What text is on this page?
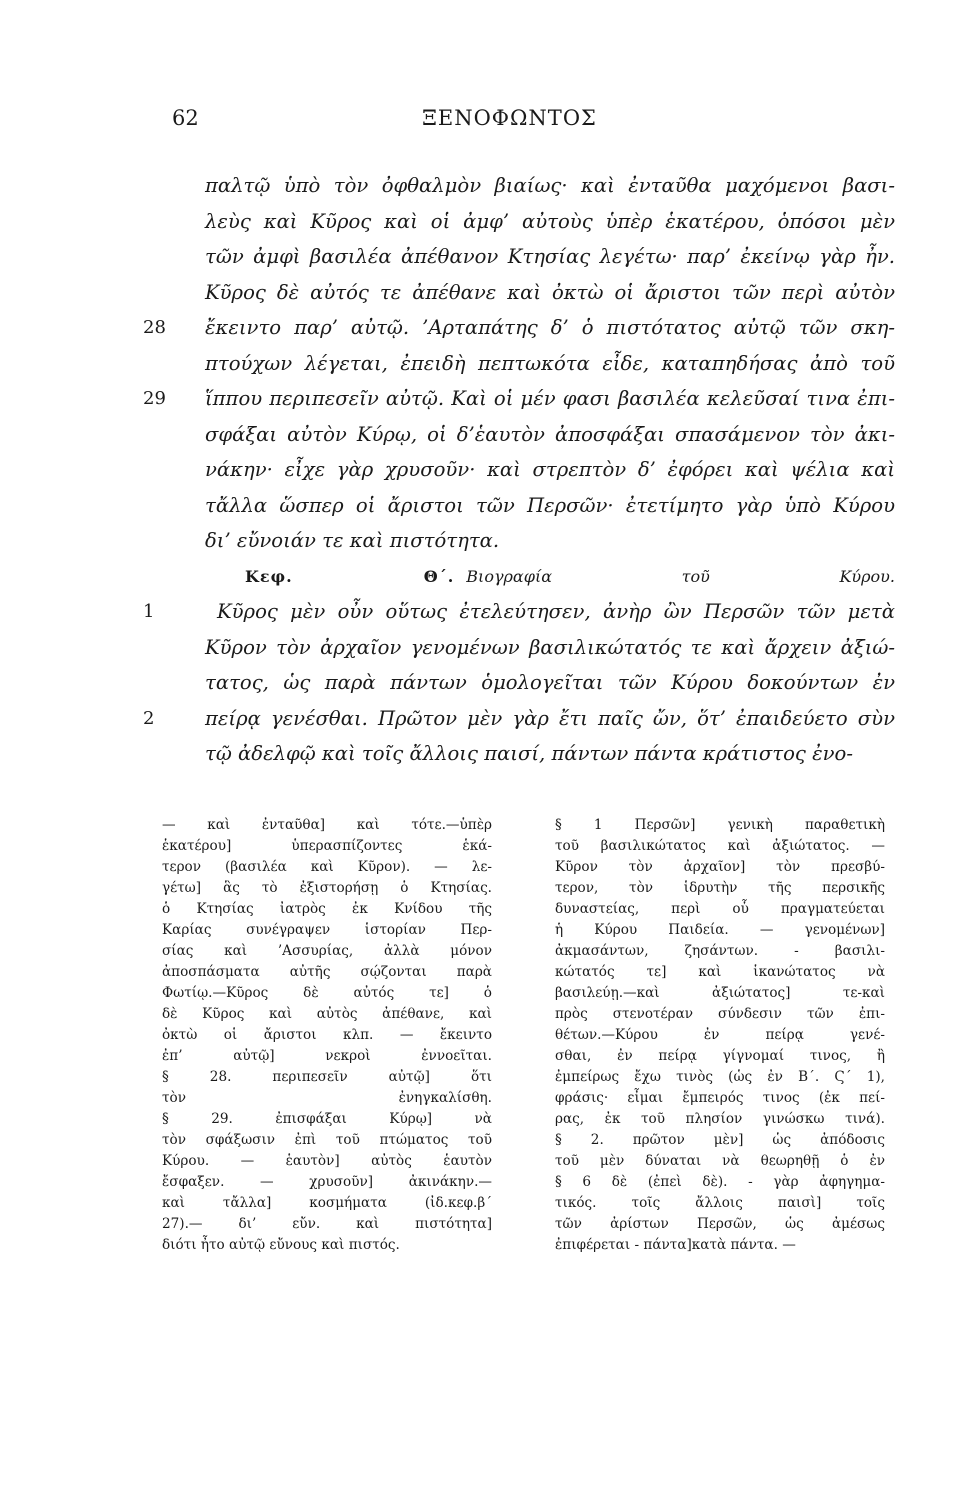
62	ΞΕΝΟΦΩΝΤΟΣ
παλτῷ ὑπὸ τὸν ὀφθαλμὸν βιαίως· καὶ ἐνταῦθα μαχόμενοι βασι-
λεὺς καὶ Κῦρος καὶ οἱ ἀμφ’ αὐτοὺς ὑπὲρ ἑκατέρου, ὁπόσοι μὲν
τῶν ἀμφὶ βασιλέα ἀπέθανον Κτησίας λεγέτω· παρ’ ἐκείνῳ γὰρ ἦν.
Κῦρος δὲ αὐτός τε ἀπέθανε καὶ ὀκτὼ οἱ ἄριστοι τῶν περὶ αὐτὸν
ἔκειντο παρ’ αὐτῷ. ’Αρταπάτης δ’ ὁ πιστότατος αὐτῷ τῶν σκη-
28
πτούχων λέγεται, ἐπειδὴ πεπτωκότα εἶδε, καταπηδήσας ἀπὸ τοῦ
ἵππου περιπεσεῖν αὐτῷ. Καὶ οἱ μέν φασι βασιλέα κελεῦσαί τινα ἐπι-
29
σφάξαι αὐτὸν Κύρῳ, οἱ δ’ἑαυτὸν ἀποσφάξαι σπασάμενον τὸν ἀκι-
νάκην· εἶχε γὰρ χρυσοῦν· καὶ στρεπτὸν δ’ ἐφόρει καὶ ψέλια καὶ
τἄλλα ὥσπερ οἱ ἄριστοι τῶν Περσῶν· ἐτετίμητο γὰρ ὑπὸ Κύρου
δι’ εὔνοιάν τε καὶ πιστότητα.
Κεφ. Θ΄. Βιογραφία τοῦ Κύρου.
Κῦρος μὲν οὖν οὕτως ἐτελεύτησεν, ἀνὴρ ὢν Περσῶν τῶν μετὰ
1
Κῦρον τὸν ἀρχαῖον γενομένων βασιλικώτατός τε καὶ ἄρχειν ἀξιώ-
τατος, ὡς παρὰ πάντων ὁμολογεῖται τῶν Κύρου δοκούντων ἐν
πείρᾳ γενέσθαι. Πρῶτον μὲν γὰρ ἔτι παῖς ὤν, ὅτ’ ἐπαιδεύετο σὺν
2
τῷ ἀδελφῷ καὶ τοῖς ἄλλοις παισί, πάντων πάντα κράτιστος ἐνο-
— καὶ ἐνταῦθα] καὶ τότε.—ὑπὲρ
ἑκατέρου] ὑπερασπίζοντες ἑκά-
τερον (βασιλέα καὶ Κῦρον). — λε-
γέτω] ἃς τὸ ἐξιστορήσῃ ὁ Κτησίας.
ὁ Κτησίας ἰατρὸς ἐκ Κνίδου τῆς
Καρίας συνέγραψεν ἱστορίαν Περ-
σίας καὶ ’Ασσυρίας, ἀλλὰ μόνον
ἀποσπάσματα αὐτῆς σῴζονται παρὰ
Φωτίῳ.—Κῦρος δὲ αὐτός τε] ὁ
δὲ Κῦρος καὶ αὐτὸς ἀπέθανε, καὶ
ὀκτὼ οἱ ἄριστοι κλπ. — ἔκειντο
ἐπ’ αὐτῷ] νεκροὶ ἐννοεῖται.
§ 28. περιπεσεῖν αὐτῷ] ὅτι
τὸν ἐνηγκαλίσθη.
§ 29. ἐπισφάξαι Κύρῳ] νὰ
τὸν σφάξωσιν ἐπὶ τοῦ πτώματος τοῦ
Κύρου. — ἑαυτὸν] αὐτὸς ἑαυτὸν
ἔσφαξεν. — χρυσοῦν] ἀκινάκην.—
καὶ τἄλλα] κοσμήματα (ἰδ.κεφ.β΄
27).— δι’ εὔν. καὶ πιστότητα]
διότι ἦτο αὐτῷ εὔνους καὶ πιστός.
§ 1 Περσῶν] γενικὴ παραθετικὴ
τοῦ βασιλικώτατος καὶ ἀξιώτατος. —
Κῦρον τὸν ἀρχαῖον] τὸν πρεσβύ-
τερον, τὸν ἱδρυτὴν τῆς περσικῆς
δυναστείας, περὶ οὗ πραγματεύεται
ἡ Κύρου Παιδεία. — γενομένων]
ἀκμασάντων, ζησάντων. - βασιλι-
κώτατός τε] καὶ ἱκανώτατος νὰ
βασιλεύῃ.—καὶ ἀξιώτατος] τε-καὶ
πρὸς στενοτέραν σύνδεσιν τῶν ἐπι-
θέτων.—Κύρου ἐν πείρᾳ γενέ-
σθαι, ἐν πείρᾳ γίγνομαί τινος, ἢ
ἐμπείρως ἔχω τινὸς (ὡς ἐν Β΄. Ϛ΄ 1),
φράσις· εἶμαι ἔμπειρός τινος (ἐκ πεί-
ρας, ἐκ τοῦ πλησίον γινώσκω τινά).
§ 2. πρῶτον μὲν] ὡς ἀπόδοσις
τοῦ μὲν δύναται νὰ θεωρηθῇ ὁ ἐν
§ 6 δὲ (ἐπεὶ δὲ). - γὰρ ἀφηγημα-
τικός. τοῖς ἄλλοις παισὶ] τοῖς
τῶν ἀρίστων Περσῶν, ὡς ἀμέσως
ἐπιφέρεται - πάντα]κατὰ πάντα. —
